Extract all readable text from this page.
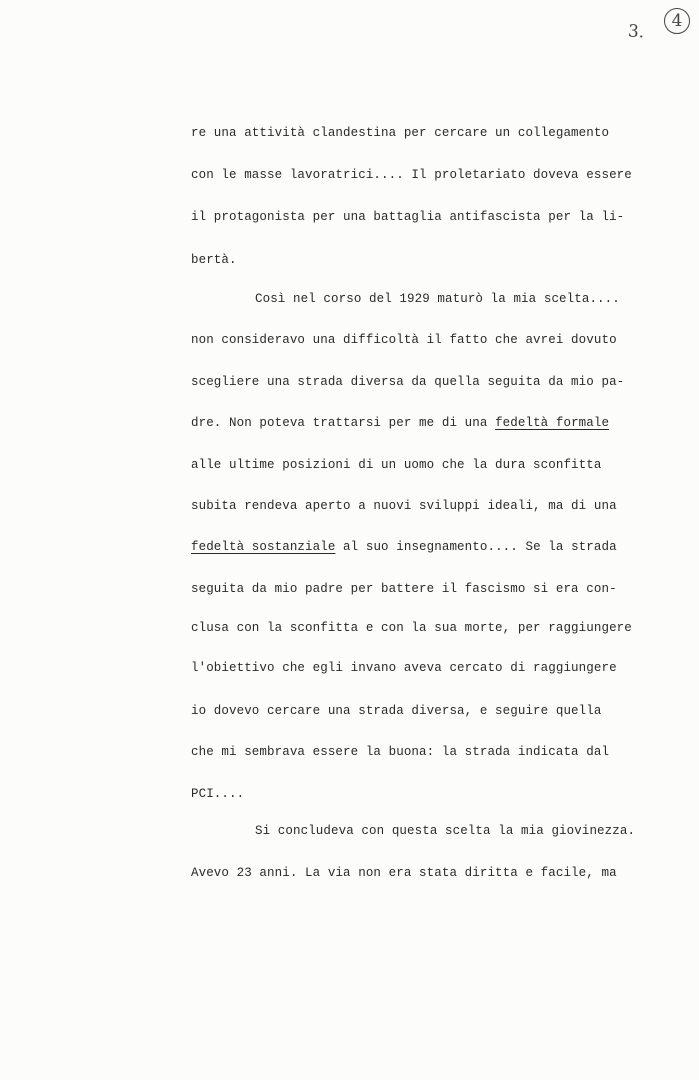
3.
4
re una attività clandestina per cercare un collegamento
con le masse lavoratrici.... Il proletariato doveva essere
il protagonista per una battaglia antifascista per la li-
bertà.
Così nel corso del 1929 maturò la mia scelta....
non consideravo una difficoltà il fatto che avrei dovuto
scegliere una strada diversa da quella seguita da mio pa-
dre. Non poteva trattarsi per me di una fedeltà formale
alle ultime posizioni di un uomo che la dura sconfitta
subita rendeva aperto a nuovi sviluppi ideali, ma di una
fedeltà sostanziale al suo insegnamento.... Se la strada
seguita da mio padre per battere il fascismo si era con-
clusa con la sconfitta e con la sua morte, per raggiungere
l'obiettivo che egli invano aveva cercato di raggiungere
io dovevo cercare una strada diversa, e seguire quella
che mi sembrava essere la buona: la strada indicata dal
PCI....
Si concludeva con questa scelta la mia giovinezza.
Avevo 23 anni. La via non era stata diritta e facile, ma
